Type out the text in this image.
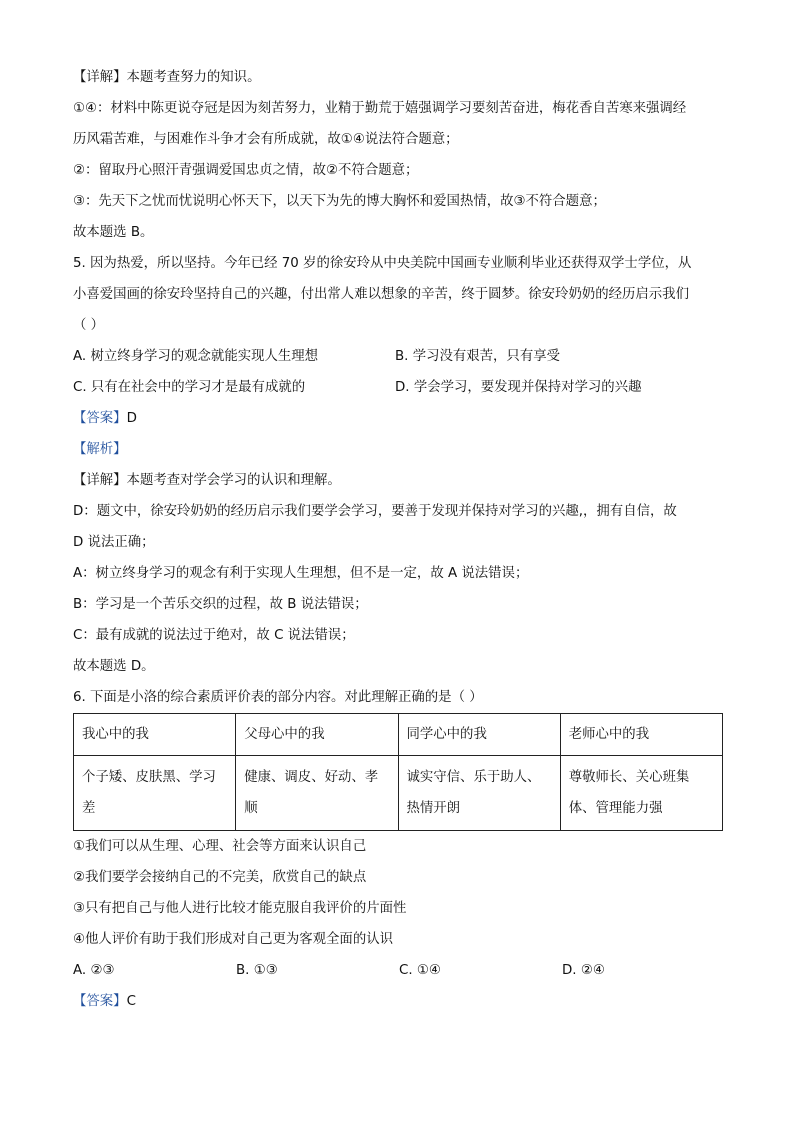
【详解】本题考查努力的知识。
①④：材料中陈更说夺冠是因为刻苦努力，业精于勤荒于嬉强调学习要刻苦奋进，梅花香自苦寒来强调经
历风霜苦难，与困难作斗争才会有所成就，故①④说法符合题意；
②：留取丹心照汗青强调爱国忠贞之情，故②不符合题意；
③：先天下之忧而忧说明心怀天下，以天下为先的博大胸怀和爱国热情，故③不符合题意；
故本题选 B。
5. 因为热爱，所以坚持。今年已经 70 岁的徐安玲从中央美院中国画专业顺利毕业还获得双学士学位，从
小喜爱国画的徐安玲坚持自己的兴趣，付出常人难以想象的辛苦，终于圆梦。徐安玲奶奶的经历启示我们
（ ）
A. 树立终身学习的观念就能实现人生理想	B. 学习没有艰苦，只有享受
C. 只有在社会中的学习才是最有成就的	D. 学会学习，要发现并保持对学习的兴趣
【答案】D
【解析】
【详解】本题考查对学会学习的认识和理解。
D：题文中，徐安玲奶奶的经历启示我们要学会学习，要善于发现并保持对学习的兴趣,，拥有自信，故
D 说法正确；
A：树立终身学习的观念有利于实现人生理想，但不是一定，故 A 说法错误；
B：学习是一个苦乐交织的过程，故 B 说法错误；
C：最有成就的说法过于绝对，故 C 说法错误；
故本题选 D。
6. 下面是小洛的综合素质评价表的部分内容。对此理解正确的是（ ）
我心中的我	父母心中的我	同学心中的我	老师心中的我
个子矮、皮肤黑、学习差	健康、调皮、好动、孝顺	诚实守信、乐于助人、热情开朗	尊敬师长、关心班集体、管理能力强
①我们可以从生理、心理、社会等方面来认识自己
②我们要学会接纳自己的不完美，欣赏自己的缺点
③只有把自己与他人进行比较才能克服自我评价的片面性
④他人评价有助于我们形成对自己更为客观全面的认识
A. ②③	B. ①③	C. ①④	D. ②④
【答案】C
